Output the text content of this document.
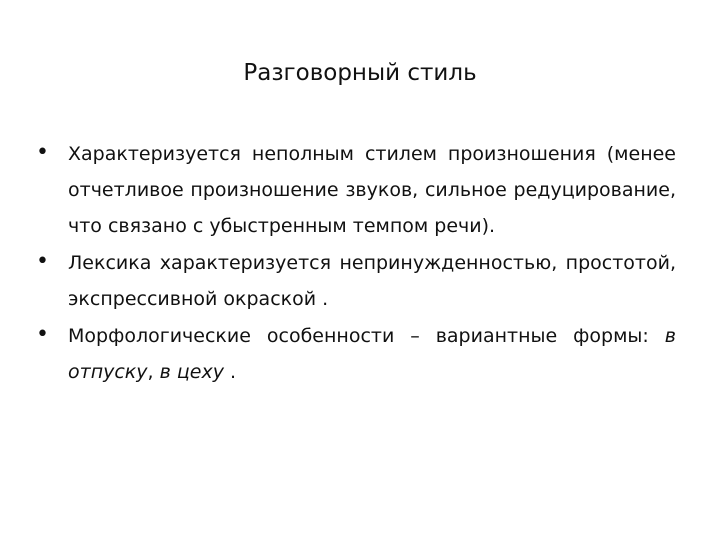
Разговорный стиль
• Характеризуется неполным стилем произношения (менее отчетливое произношение звуков, сильное редуцирование, что связано с убыстренным темпом речи).
• Лексика характеризуется непринужденностью, простотой, экспрессивной окраской .
• Морфологические особенности – вариантные формы: в отпуску, в цеху .
